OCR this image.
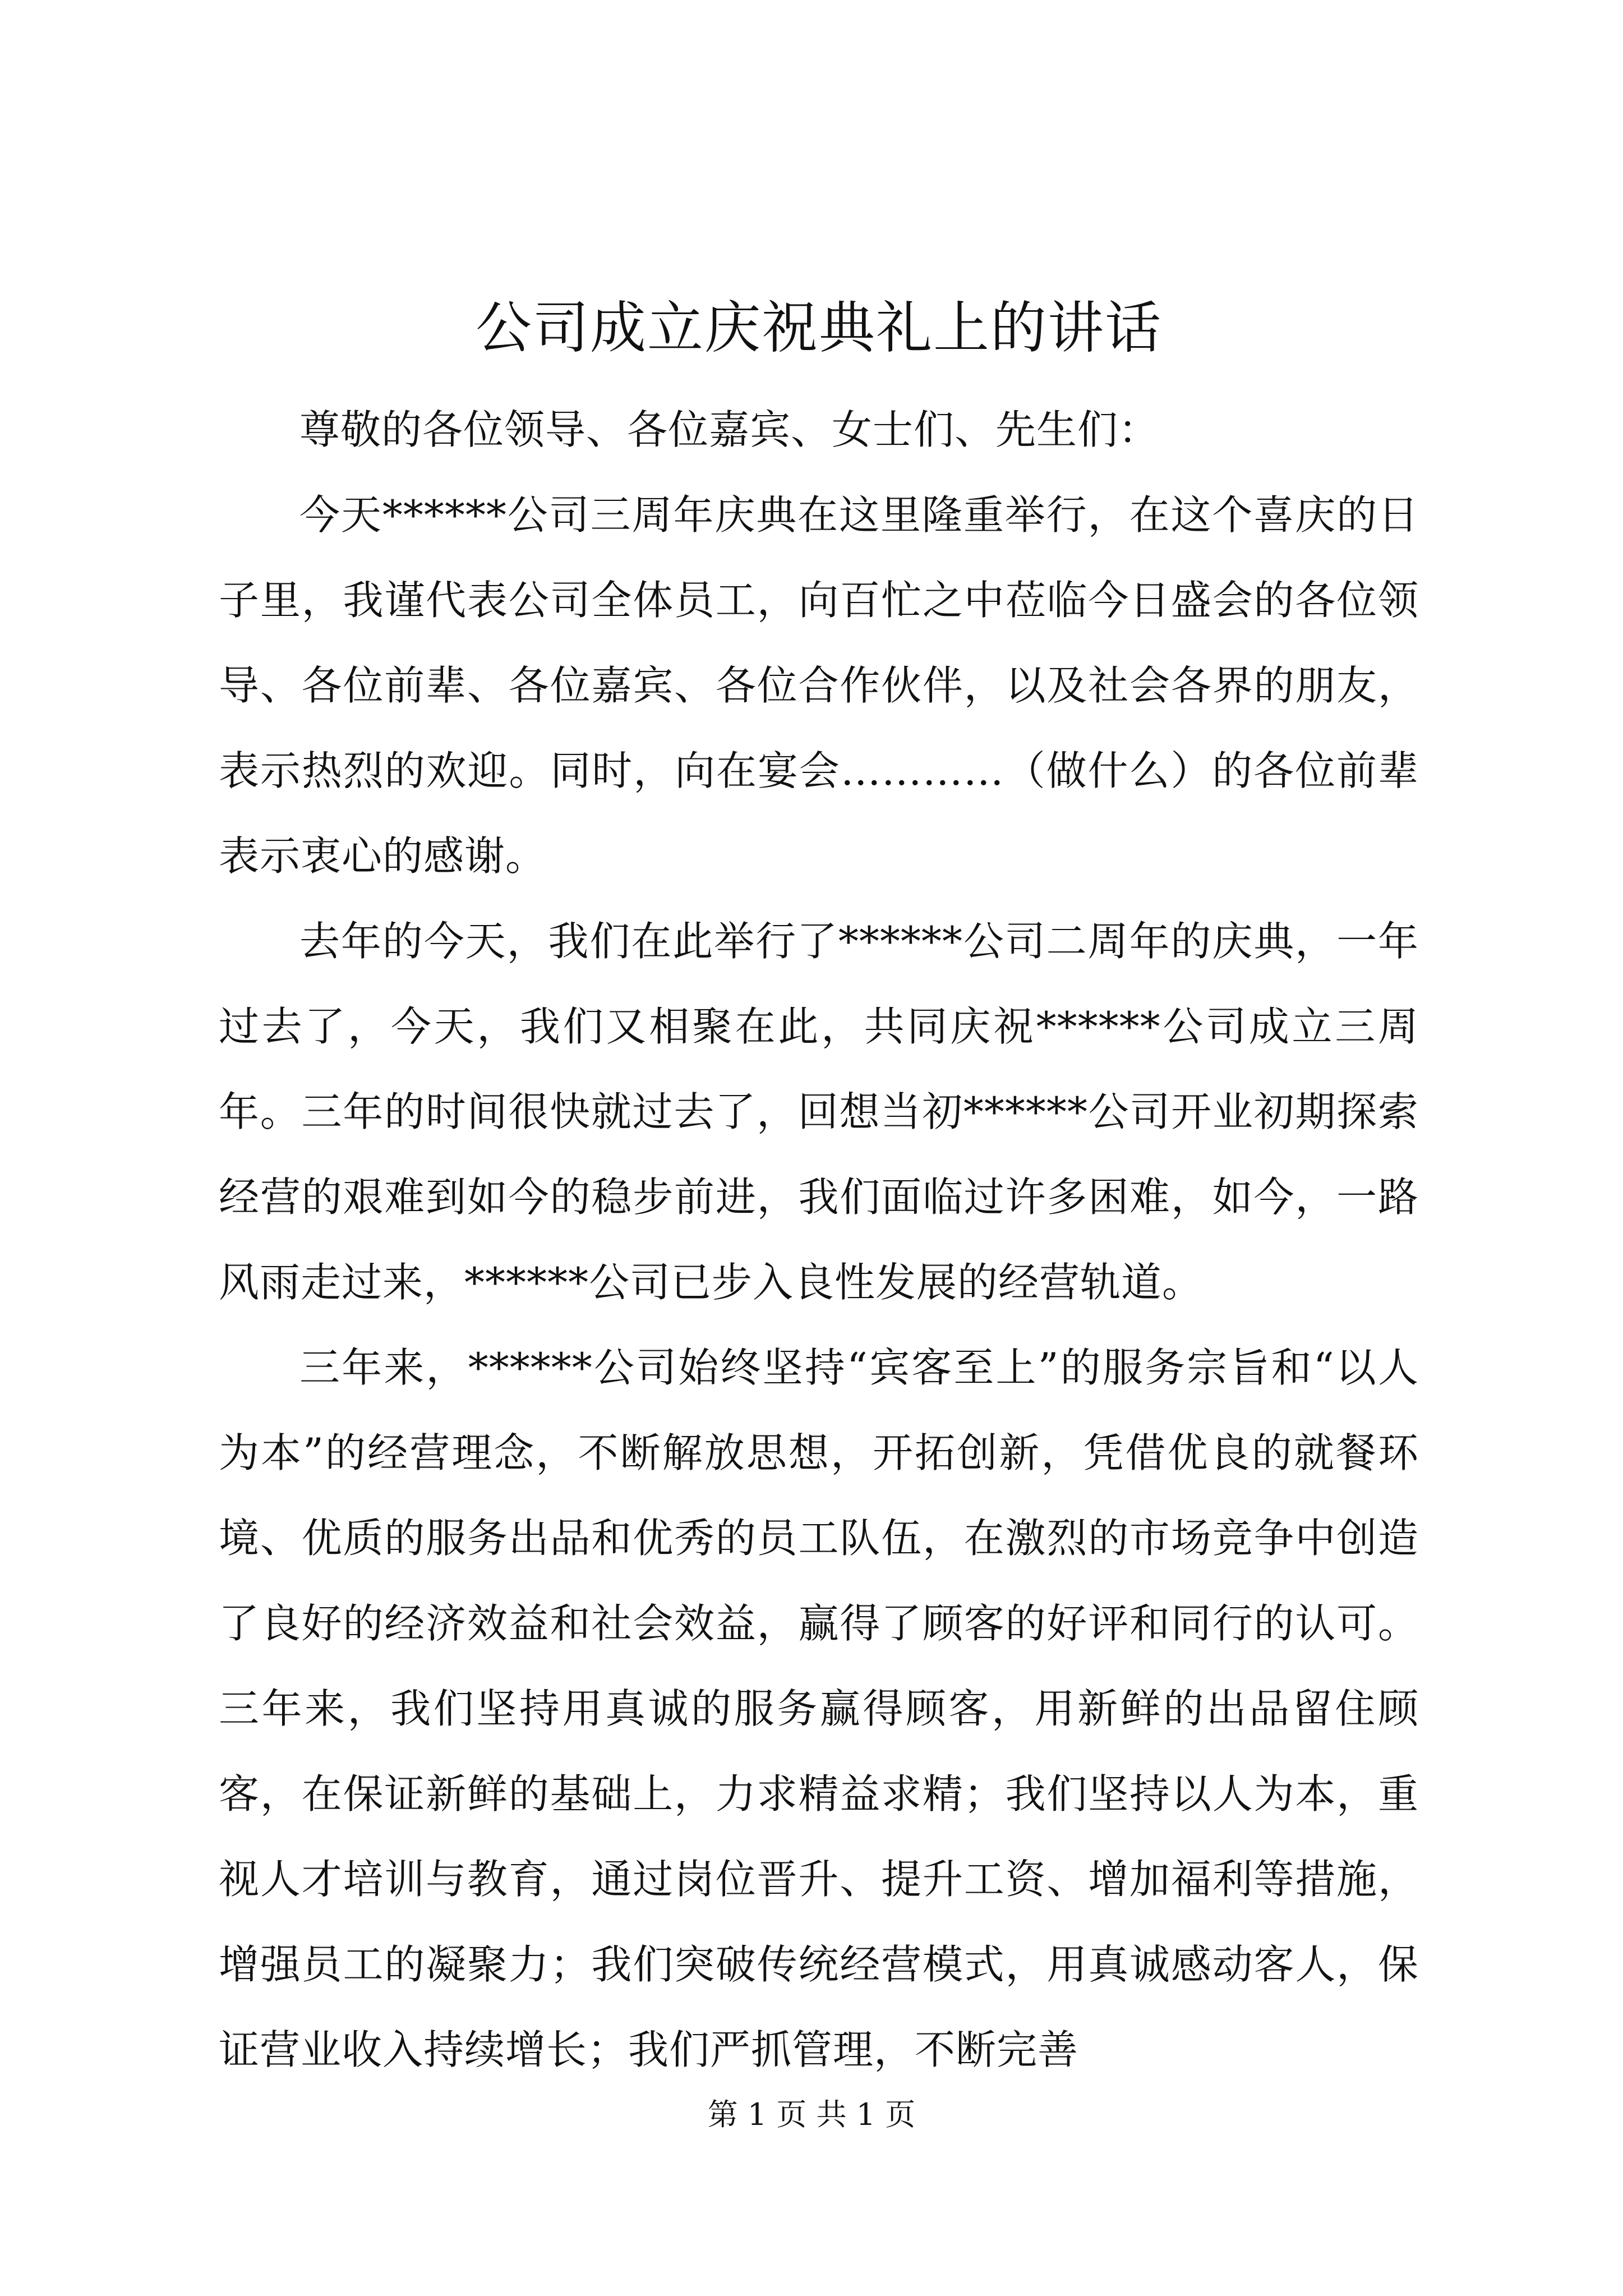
公司成立庆祝典礼上的讲话

尊敬的各位领导、各位嘉宾、女士们、先生们：

今天******公司三周年庆典在这里隆重举行，在这个喜庆的日子里，我谨代表公司全体员工，向百忙之中莅临今日盛会的各位领导、各位前辈、各位嘉宾、各位合作伙伴，以及社会各界的朋友，表示热烈的欢迎。同时，向在宴会…………（做什么）的各位前辈表示衷心的感谢。

去年的今天，我们在此举行了******公司二周年的庆典，一年过去了，今天，我们又相聚在此，共同庆祝******公司成立三周年。三年的时间很快就过去了，回想当初******公司开业初期探索经营的艰难到如今的稳步前进，我们面临过许多困难，如今，一路风雨走过来，******公司已步入良性发展的经营轨道。

三年来，******公司始终坚持“宾客至上”的服务宗旨和“以人为本”的经营理念，不断解放思想，开拓创新，凭借优良的就餐环境、优质的服务出品和优秀的员工队伍，在激烈的市场竞争中创造了良好的经济效益和社会效益，赢得了顾客的好评和同行的认可。三年来，我们坚持用真诚的服务赢得顾客，用新鲜的出品留住顾客，在保证新鲜的基础上，力求精益求精；我们坚持以人为本，重视人才培训与教育，通过岗位晋升、提升工资、增加福利等措施，增强员工的凝聚力；我们突破传统经营模式，用真诚感动客人，保证营业收入持续增长；我们严抓管理，不断完善

第 1 页 共 1 页
